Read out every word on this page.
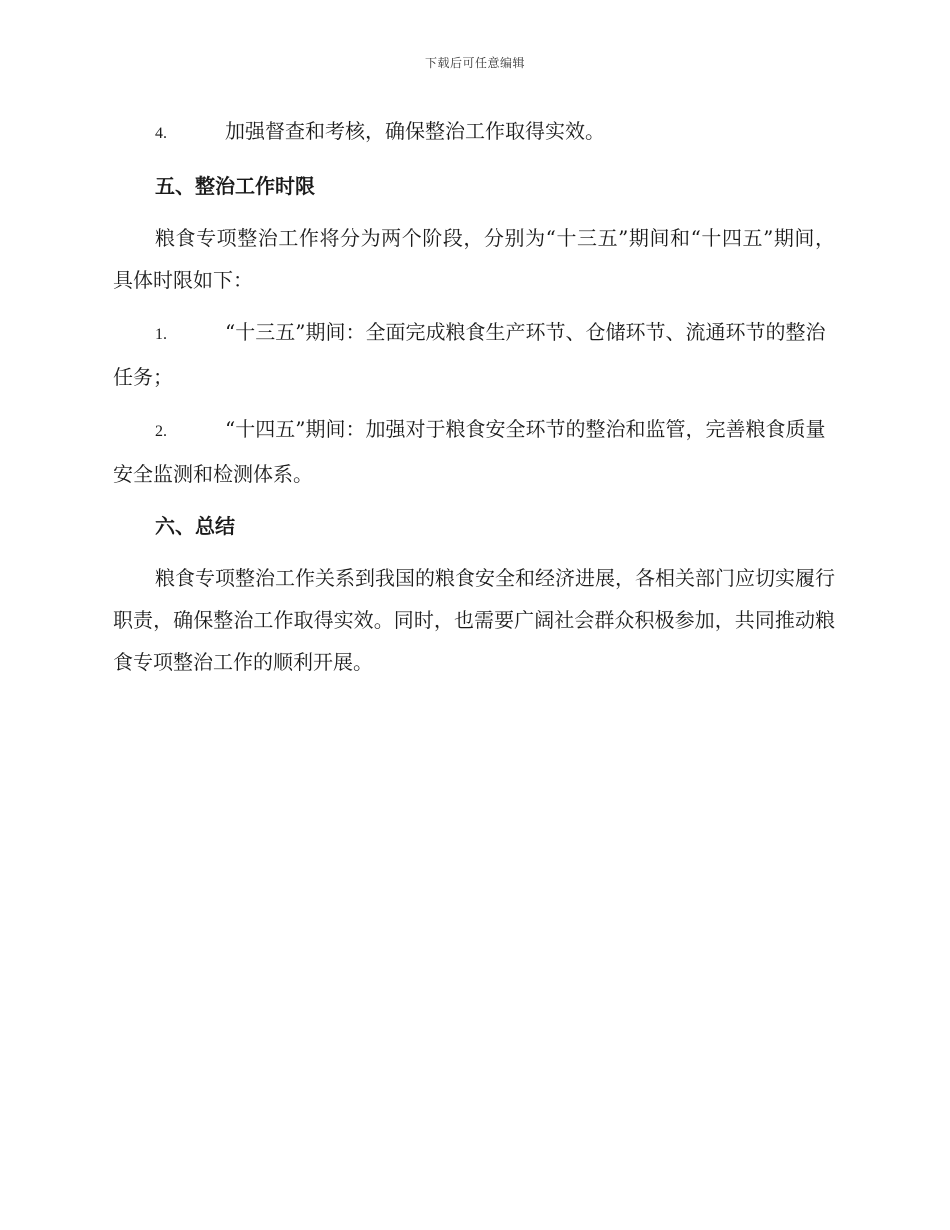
下载后可任意编辑

4.	加强督查和考核，确保整治工作取得实效。

五、整治工作时限

粮食专项整治工作将分为两个阶段，分别为“十三五”期间和“十四五”期间，具体时限如下：

1.	“十三五”期间：全面完成粮食生产环节、仓储环节、流通环节的整治任务；

2.	“十四五”期间：加强对于粮食安全环节的整治和监管，完善粮食质量安全监测和检测体系。

六、总结

粮食专项整治工作关系到我国的粮食安全和经济进展，各相关部门应切实履行职责，确保整治工作取得实效。同时，也需要广阔社会群众积极参加，共同推动粮食专项整治工作的顺利开展。
